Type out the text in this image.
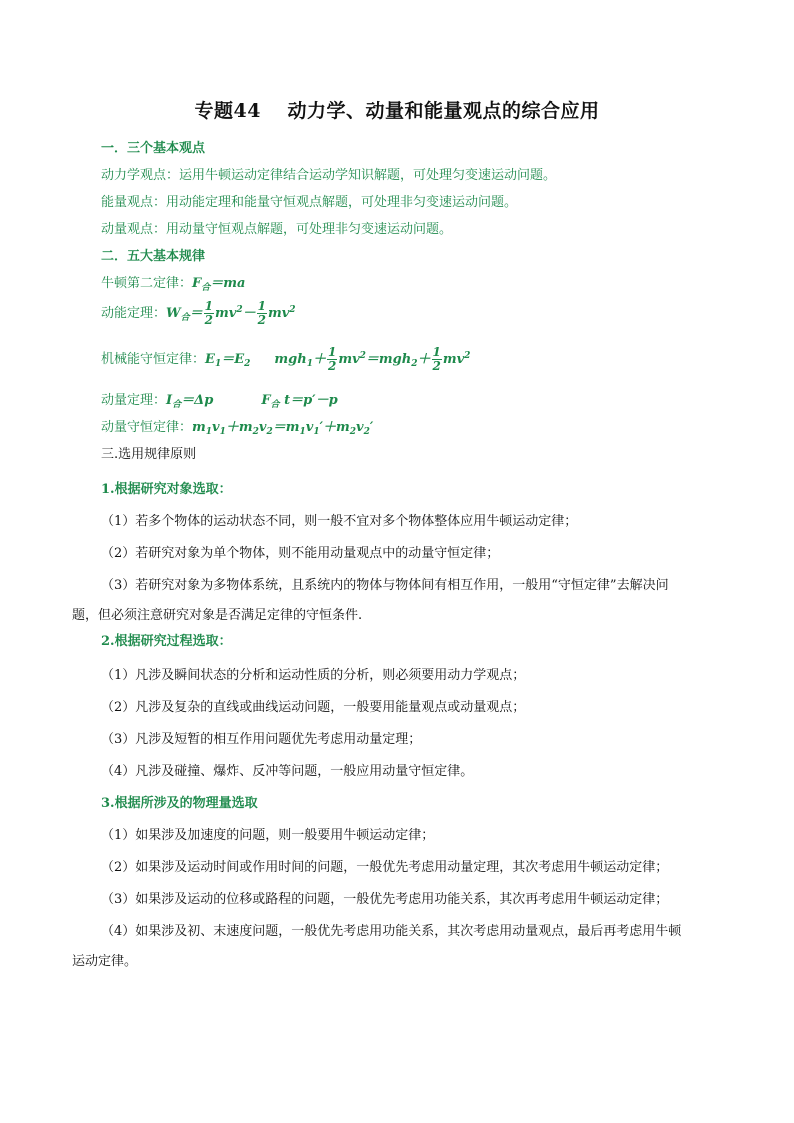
专题44　 动力学、动量和能量观点的综合应用
一．三个基本观点
动力学观点：运用牛顿运动定律结合运动学知识解题，可处理匀变速运动问题。
能量观点：用动能定理和能量守恒观点解题，可处理非匀变速运动问题。
动量观点：用动量守恒观点解题，可处理非匀变速运动问题。
二．五大基本规律
牛顿第二定律：$F_合=ma$
动能定理：$W_合= \frac{1}{2} mv^2- \frac{1}{2} mv^2$
机械能守恒定律：$E_1=E_2$ $mgh_1+ \frac{1}{2} mv^2=mgh_2+ \frac{1}{2} mv^2$
动量定理：$I_合=\Delta p$	$F_合$ t＝p′－p
动量守恒定律：$m_1v_1+m_2v_2=m_1v_1'+m_2v_2'$
三.选用规律原则
1.根据研究对象选取：
（1）若多个物体的运动状态不同，则一般不宜对多个物体整体应用牛顿运动定律；
（2）若研究对象为单个物体，则不能用动量观点中的动量守恒定律；
（3）若研究对象为多物体系统，且系统内的物体与物体间有相互作用，一般用“守恒定律”去解决问
题，但必须注意研究对象是否满足定律的守恒条件.
2.根据研究过程选取：
（1）凡涉及瞬间状态的分析和运动性质的分析，则必须要用动力学观点；
（2）凡涉及复杂的直线或曲线运动问题，一般要用能量观点或动量观点；
（3）凡涉及短暂的相互作用问题优先考虑用动量定理；
（4）凡涉及碰撞、爆炸、反冲等问题，一般应用动量守恒定律。
3.根据所涉及的物理量选取
（1）如果涉及加速度的问题，则一般要用牛顿运动定律；
（2）如果涉及运动时间或作用时间的问题，一般优先考虑用动量定理，其次考虑用牛顿运动定律；
（3）如果涉及运动的位移或路程的问题，一般优先考虑用功能关系，其次再考虑用牛顿运动定律；
（4）如果涉及初、末速度问题，一般优先考虑用功能关系，其次考虑用动量观点，最后再考虑用牛顿
运动定律。
